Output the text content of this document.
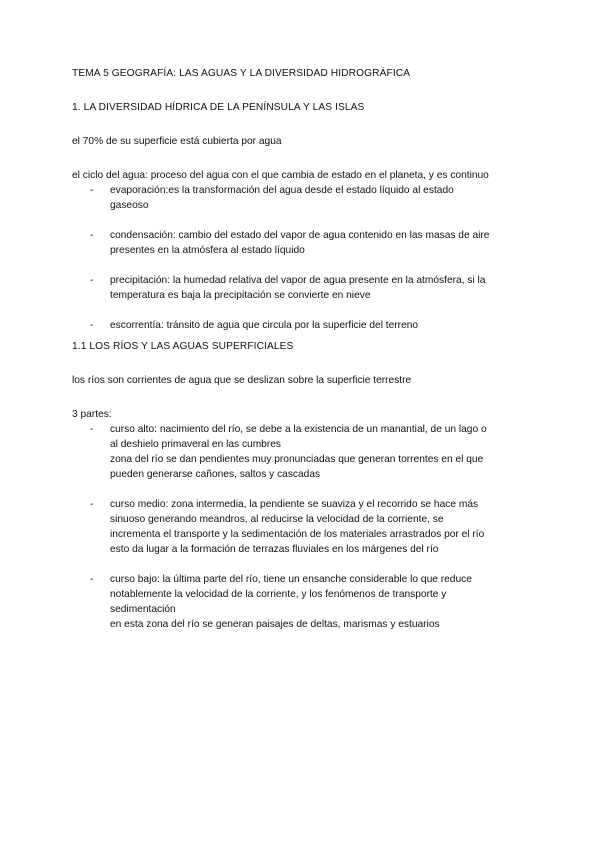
TEMA 5 GEOGRAFÍA: LAS AGUAS Y LA DIVERSIDAD HIDROGRÁFICA

1. LA DIVERSIDAD HÍDRICA DE LA PENÍNSULA Y LAS ISLAS

el 70% de su superficie está cubierta por agua

el ciclo del agua: proceso del agua con el que cambia de estado en el planeta, y es continuo

- evaporación:es la transformación del agua desde el estado líquido al estado
gaseoso
- condensación: cambio del estado del vapor de agua contenido en las masas de aire
presentes en la atmósfera al estado líquido
- precipitación: la humedad relativa del vapor de agua presente en la atmósfera, si la
temperatura es baja la precipitación se convierte en nieve
- escorrentía: tránsito de agua que circula por la superficie del terreno

1.1 LOS RÍOS Y LAS AGUAS SUPERFICIALES

los ríos son corrientes de agua que se deslizan sobre la superficie terrestre

3 partes:

- curso alto: nacimiento del río, se debe a la existencia de un manantial, de un lago o
al deshielo primaveral en las cumbres
zona del río se dan pendientes muy pronunciadas que generan torrentes en el que
pueden generarse cañones, saltos y cascadas
- curso medio: zona intermedia, la pendiente se suaviza y el recorrido se hace más
sinuoso generando meandros, al reducirse la velocidad de la corriente, se
incrementa el transporte y la sedimentación de los materiales arrastrados por el río
esto da lugar a la formación de terrazas fluviales en los márgenes del río
- curso bajo: la última parte del río, tiene un ensanche considerable lo que reduce
notablemente la velocidad de la corriente, y los fenómenos de transporte y
sedimentación
en esta zona del río se generan paisajes de deltas, marismas y estuarios
